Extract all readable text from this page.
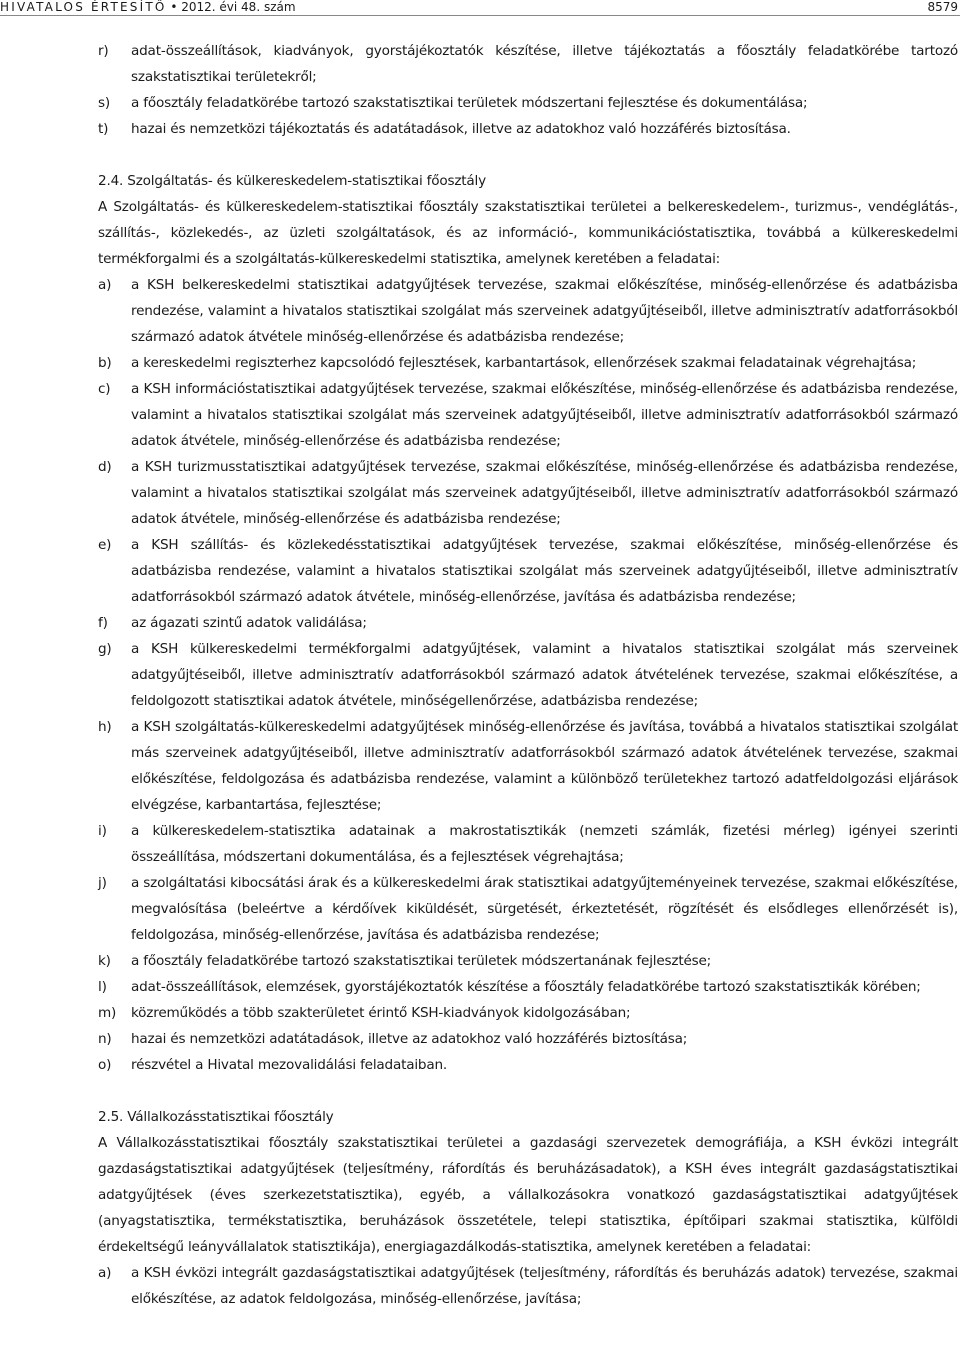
HIVATALOS ÉRTESÍTŐ • 2012. évi 48. szám	8579
r)	adat-összeállítások, kiadványok, gyorstájékoztatók készítése, illetve tájékoztatás a főosztály feladatkörébe tartozó szakstatisztikai területekről;
s)	a főosztály feladatkörébe tartozó szakstatisztikai területek módszertani fejlesztése és dokumentálása;
t)	hazai és nemzetközi tájékoztatás és adatátadások, illetve az adatokhoz való hozzáférés biztosítása.
2.4. Szolgáltatás- és külkereskedelem-statisztikai főosztály
A Szolgáltatás- és külkereskedelem-statisztikai főosztály szakstatisztikai területei a belkereskedelem-, turizmus-, vendéglátás-, szállítás-, közlekedés-, az üzleti szolgáltatások, és az információ-, kommunikációstatisztika, továbbá a külkereskedelmi termékforgalmi és a szolgáltatás-külkereskedelmi statisztika, amelynek keretében a feladatai:
a)	a KSH belkereskedelmi statisztikai adatgyűjtések tervezése, szakmai előkészítése, minőség-ellenőrzése és adatbázisba rendezése, valamint a hivatalos statisztikai szolgálat más szerveinek adatgyűjtéseiből, illetve adminisztratív adatforrásokból származó adatok átvétele minőség-ellenőrzése és adatbázisba rendezése;
b)	a kereskedelmi regiszterhez kapcsolódó fejlesztések, karbantartások, ellenőrzések szakmai feladatainak végrehajtása;
c)	a KSH információstatisztikai adatgyűjtések tervezése, szakmai előkészítése, minőség-ellenőrzése és adatbázisba rendezése, valamint a hivatalos statisztikai szolgálat más szerveinek adatgyűjtéseiből, illetve adminisztratív adatforrásokból származó adatok átvétele, minőség-ellenőrzése és adatbázisba rendezése;
d)	a KSH turizmusstatisztikai adatgyűjtések tervezése, szakmai előkészítése, minőség-ellenőrzése és adatbázisba rendezése, valamint a hivatalos statisztikai szolgálat más szerveinek adatgyűjtéseiből, illetve adminisztratív adatforrásokból származó adatok átvétele, minőség-ellenőrzése és adatbázisba rendezése;
e)	a KSH szállítás- és közlekedésstatisztikai adatgyűjtések tervezése, szakmai előkészítése, minőség-ellenőrzése és adatbázisba rendezése, valamint a hivatalos statisztikai szolgálat más szerveinek adatgyűjtéseiből, illetve adminisztratív adatforrásokból származó adatok átvétele, minőség-ellenőrzése, javítása és adatbázisba rendezése;
f)	az ágazati szintű adatok validálása;
g)	a KSH külkereskedelmi termékforgalmi adatgyűjtések, valamint a hivatalos statisztikai szolgálat más szerveinek adatgyűjtéseiből, illetve adminisztratív adatforrásokból származó adatok átvételének tervezése, szakmai előkészítése, a feldolgozott statisztikai adatok átvétele, minőségellenőrzése, adatbázisba rendezése;
h)	a KSH szolgáltatás-külkereskedelmi adatgyűjtések minőség-ellenőrzése és javítása, továbbá a hivatalos statisztikai szolgálat más szerveinek adatgyűjtéseiből, illetve adminisztratív adatforrásokból származó adatok átvételének tervezése, szakmai előkészítése, feldolgozása és adatbázisba rendezése, valamint a különböző területekhez tartozó adatfeldolgozási eljárások elvégzése, karbantartása, fejlesztése;
i)	a külkereskedelem-statisztika adatainak a makrostatisztikák (nemzeti számlák, fizetési mérleg) igényei szerinti összeállítása, módszertani dokumentálása, és a fejlesztések végrehajtása;
j)	a szolgáltatási kibocsátási árak és a külkereskedelmi árak statisztikai adatgyűjteményeinek tervezése, szakmai előkészítése, megvalósítása (beleértve a kérdőívek kiküldését, sürgetését, érkeztetését, rögzítését és elsődleges ellenőrzését is), feldolgozása, minőség-ellenőrzése, javítása és adatbázisba rendezése;
k)	a főosztály feladatkörébe tartozó szakstatisztikai területek módszertanának fejlesztése;
l)	adat-összeállítások, elemzések, gyorstájékoztatók készítése a főosztály feladatkörébe tartozó szakstatisztikák körében;
m)	közreműködés a több szakterületet érintő KSH-kiadványok kidolgozásában;
n)	hazai és nemzetközi adatátadások, illetve az adatokhoz való hozzáférés biztosítása;
o)	részvétel a Hivatal mezovalidálási feladataiban.
2.5. Vállalkozásstatisztikai főosztály
A Vállalkozásstatisztikai főosztály szakstatisztikai területei a gazdasági szervezetek demográfiája, a KSH évközi integrált gazdaságstatisztikai adatgyűjtések (teljesítmény, ráfordítás és beruházásadatok), a KSH éves integrált gazdaságstatisztikai adatgyűjtések (éves szerkezetstatisztika), egyéb, a vállalkozásokra vonatkozó gazdaságstatisztikai adatgyűjtések (anyagstatisztika, termékstatisztika, beruházások összetétele, telepi statisztika, építőipari szakmai statisztika, külföldi érdekeltségű leányvállalatok statisztikája), energiagazdálkodás-statisztika, amelynek keretében a feladatai:
a)	a KSH évközi integrált gazdaságstatisztikai adatgyűjtések (teljesítmény, ráfordítás és beruházás adatok) tervezése, szakmai előkészítése, az adatok feldolgozása, minőség-ellenőrzése, javítása;
